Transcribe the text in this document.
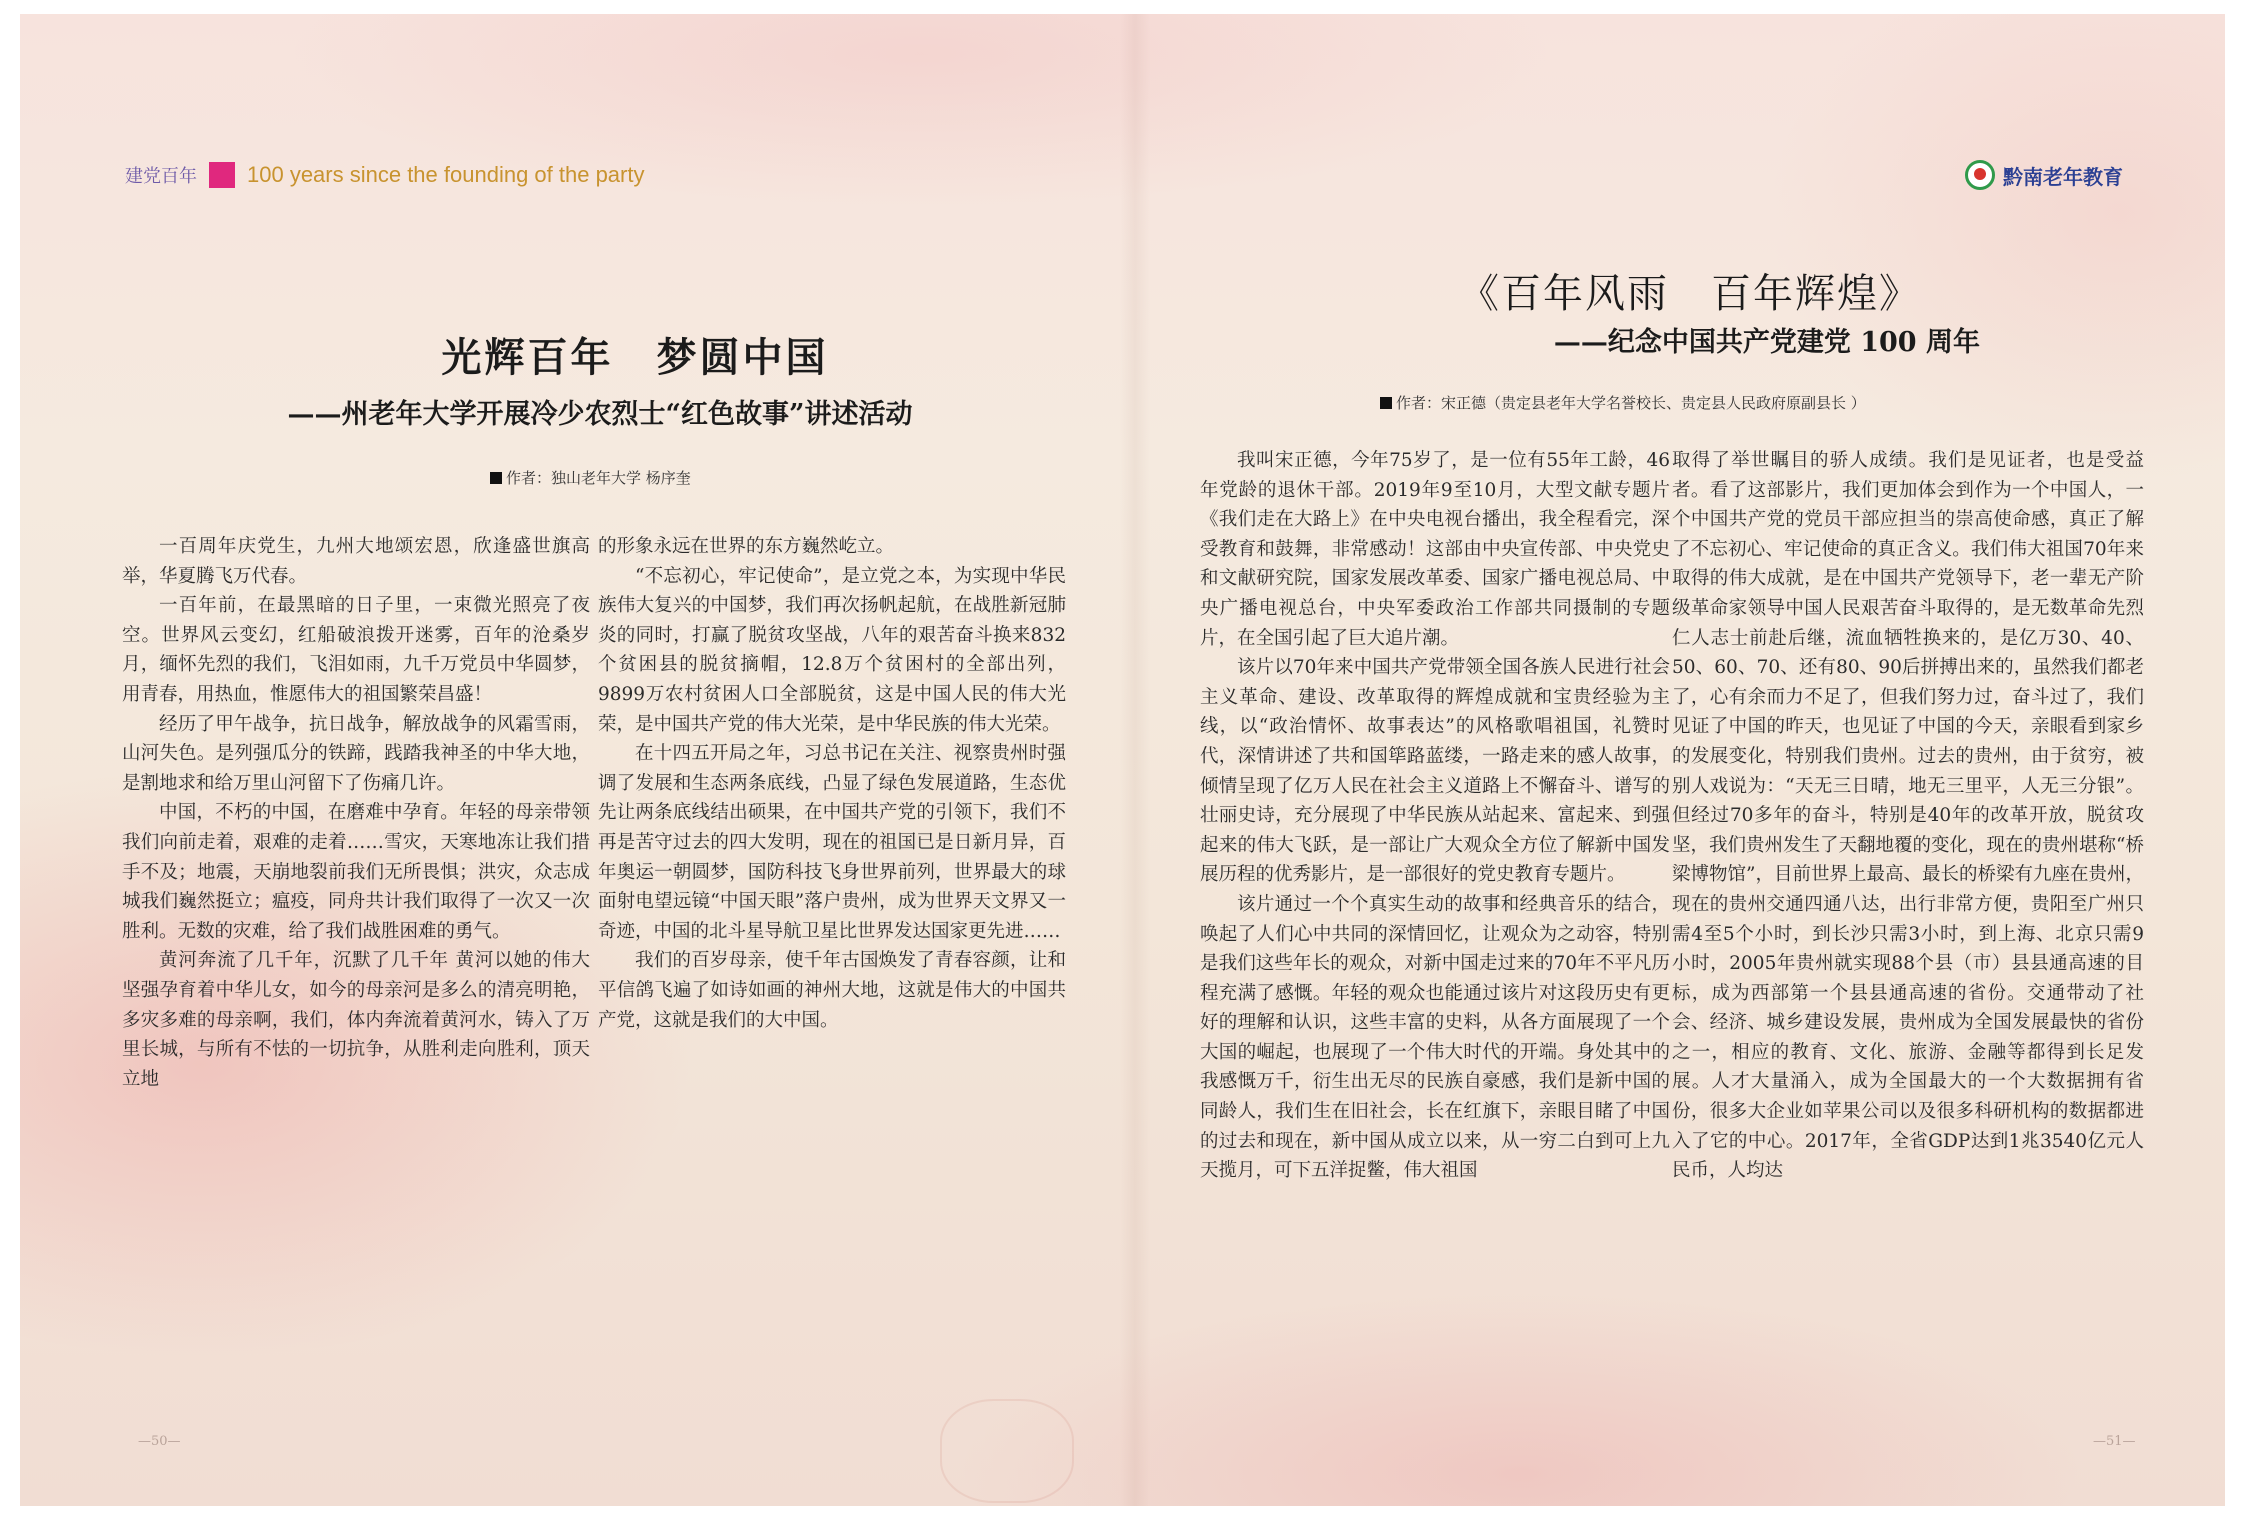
建党百年 100 years since the founding of the party	黔南老年教育
光辉百年　梦圆中国
——州老年大学开展冷少农烈士“红色故事”讲述活动
作者：独山老年大学 杨序奎

一百周年庆党生，九州大地颂宏恩，欣逢盛世旗高举，华夏腾飞万代春。

一百年前，在最黑暗的日子里，一束微光照亮了夜空。世界风云变幻，红船破浪拨开迷雾，百年的沧桑岁月，缅怀先烈的我们，飞泪如雨，九千万党员中华圆梦，用青春，用热血，惟愿伟大的祖国繁荣昌盛！

经历了甲午战争，抗日战争，解放战争的风霜雪雨，山河失色。是列强瓜分的铁蹄，践踏我神圣的中华大地，是割地求和给万里山河留下了伤痛几许。

中国，不朽的中国，在磨难中孕育。年轻的母亲带领我们向前走着，艰难的走着……雪灾，天寒地冻让我们措手不及；地震，天崩地裂前我们无所畏惧；洪灾，众志成城我们巍然挺立；瘟疫，同舟共计我们取得了一次又一次胜利。无数的灾难，给了我们战胜困难的勇气。

黄河奔流了几千年，沉默了几千年 黄河以她的伟大坚强孕育着中华儿女，如今的母亲河是多么的清亮明艳，多灾多难的母亲啊，我们，体内奔流着黄河水，铸入了万里长城，与所有不怯的一切抗争，从胜利走向胜利，顶天立地

的形象永远在世界的东方巍然屹立。

“不忘初心，牢记使命”，是立党之本，为实现中华民族伟大复兴的中国梦，我们再次扬帆起航，在战胜新冠肺炎的同时，打赢了脱贫攻坚战，八年的艰苦奋斗换来832个贫困县的脱贫摘帽，12.8万个贫困村的全部出列，9899万农村贫困人口全部脱贫，这是中国人民的伟大光荣，是中国共产党的伟大光荣，是中华民族的伟大光荣。

在十四五开局之年，习总书记在关注、视察贵州时强调了发展和生态两条底线，凸显了绿色发展道路，生态优先让两条底线结出硕果，在中国共产党的引领下，我们不再是苦守过去的四大发明，现在的祖国已是日新月异，百年奥运一朝圆梦，国防科技飞身世界前列，世界最大的球面射电望远镜“中国天眼”落户贵州，成为世界天文界又一奇迹，中国的北斗星导航卫星比世界发达国家更先进……

我们的百岁母亲，使千年古国焕发了青春容颜，让和平信鸽飞遍了如诗如画的神州大地，这就是伟大的中国共产党，这就是我们的大中国。

《百年风雨　百年辉煌》
——纪念中国共产党建党 100 周年
作者：宋正德（贵定县老年大学名誉校长、贵定县人民政府原副县长 ）

我叫宋正德，今年75岁了，是一位有55年工龄，46年党龄的退休干部。2019年9至10月，大型文献专题片《我们走在大路上》在中央电视台播出，我全程看完，深受教育和鼓舞，非常感动！这部由中央宣传部、中央党史和文献研究院，国家发展改革委、国家广播电视总局、中央广播电视总台，中央军委政治工作部共同摄制的专题片，在全国引起了巨大追片潮。

该片以70年来中国共产党带领全国各族人民进行社会主义革命、建设、改革取得的辉煌成就和宝贵经验为主线，以“政治情怀、故事表达”的风格歌唱祖国，礼赞时代，深情讲述了共和国筚路蓝缕，一路走来的感人故事，倾情呈现了亿万人民在社会主义道路上不懈奋斗、谱写的壮丽史诗，充分展现了中华民族从站起来、富起来、到强起来的伟大飞跃，是一部让广大观众全方位了解新中国发展历程的优秀影片，是一部很好的党史教育专题片。

该片通过一个个真实生动的故事和经典音乐的结合，唤起了人们心中共同的深情回忆，让观众为之动容，特别是我们这些年长的观众，对新中国走过来的70年不平凡历程充满了感慨。年轻的观众也能通过该片对这段历史有更好的理解和认识，这些丰富的史料，从各方面展现了一个大国的崛起，也展现了一个伟大时代的开端。身处其中的我感慨万千，衍生出无尽的民族自豪感，我们是新中国的同龄人，我们生在旧社会，长在红旗下，亲眼目睹了中国的过去和现在，新中国从成立以来，从一穷二白到可上九天揽月，可下五洋捉鳖，伟大祖国

取得了举世瞩目的骄人成绩。我们是见证者，也是受益者。看了这部影片，我们更加体会到作为一个中国人，一个中国共产党的党员干部应担当的崇高使命感，真正了解了不忘初心、牢记使命的真正含义。我们伟大祖国70年来取得的伟大成就，是在中国共产党领导下，老一辈无产阶级革命家领导中国人民艰苦奋斗取得的，是无数革命先烈仁人志士前赴后继，流血牺牲换来的，是亿万30、40、50、60、70、还有80、90后拼搏出来的，虽然我们都老了，心有余而力不足了，但我们努力过，奋斗过了，我们见证了中国的昨天，也见证了中国的今天，亲眼看到家乡的发展变化，特别我们贵州。过去的贵州，由于贫穷，被别人戏说为：“天无三日晴，地无三里平，人无三分银”。但经过70多年的奋斗，特别是40年的改革开放，脱贫攻坚，我们贵州发生了天翻地覆的变化，现在的贵州堪称“桥梁博物馆”，目前世界上最高、最长的桥梁有九座在贵州，现在的贵州交通四通八达，出行非常方便，贵阳至广州只需4至5个小时，到长沙只需3小时，到上海、北京只需9小时，2005年贵州就实现88个县（市）县县通高速的目标，成为西部第一个县县通高速的省份。交通带动了社会、经济、城乡建设发展，贵州成为全国发展最快的省份之一，相应的教育、文化、旅游、金融等都得到长足发展。人才大量涌入，成为全国最大的一个大数据拥有省份，很多大企业如苹果公司以及很多科研机构的数据都进入了它的中心。2017年，全省GDP达到1兆3540亿元人民币，人均达

—50—	—51—
